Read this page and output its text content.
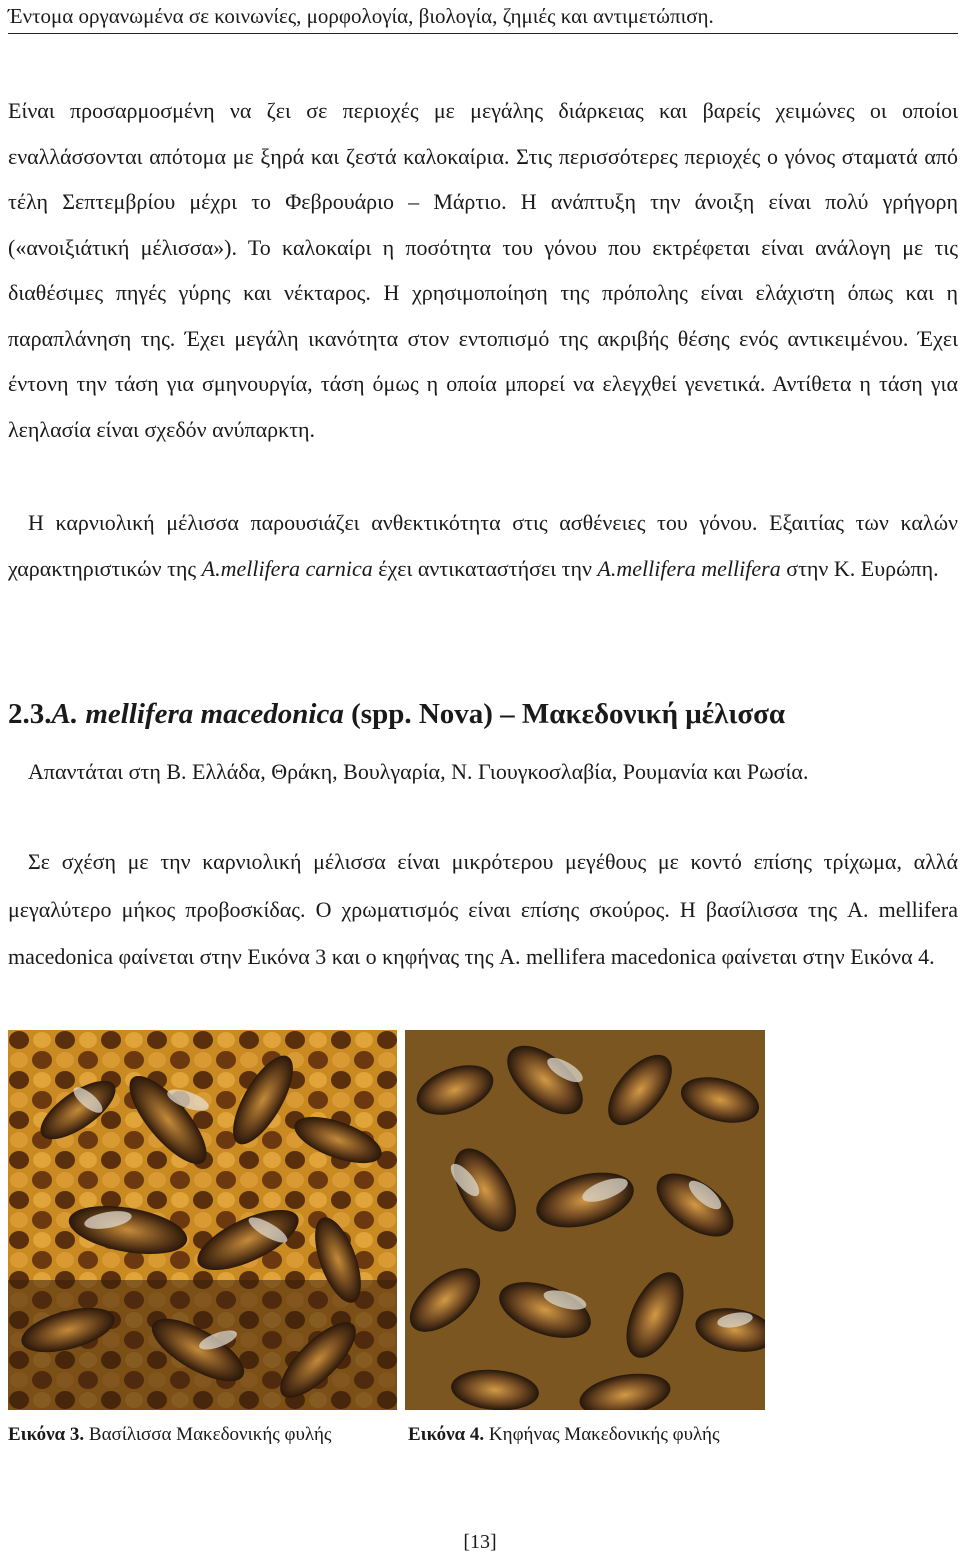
Έντομα οργανωμένα σε κοινωνίες, μορφολογία, βιολογία, ζημιές και αντιμετώπιση.
Είναι προσαρμοσμένη να ζει σε περιοχές με μεγάλης διάρκειας και βαρείς χειμώνες οι οποίοι εναλλάσσονται απότομα με ξηρά και ζεστά καλοκαίρια. Στις περισσότερες περιοχές ο γόνος σταματά από τέλη Σεπτεμβρίου μέχρι το Φεβρουάριο – Μάρτιο. Η ανάπτυξη την άνοιξη είναι πολύ γρήγορη («ανοιξιάτική μέλισσα»). Το καλοκαίρι η ποσότητα του γόνου που εκτρέφεται είναι ανάλογη με τις διαθέσιμες πηγές γύρης και νέκταρος. Η χρησιμοποίηση της πρόπολης είναι ελάχιστη όπως και η παραπλάνηση της. Έχει μεγάλη ικανότητα στον εντοπισμό της ακριβής θέσης ενός αντικειμένου. Έχει έντονη την τάση για σμηνουργία, τάση όμως η οποία μπορεί να ελεγχθεί γενετικά. Αντίθετα η τάση για λεηλασία είναι σχεδόν ανύπαρκτη.
Η καρνιολική μέλισσα παρουσιάζει ανθεκτικότητα στις ασθένειες του γόνου. Εξαιτίας των καλών χαρακτηριστικών της A.mellifera carnica έχει αντικαταστήσει την A.mellifera mellifera στην Κ. Ευρώπη.
2.3.A. mellifera macedonica (spp. Nova) – Μακεδονική μέλισσα
Απαντάται στη Β. Ελλάδα, Θράκη, Βουλγαρία, Ν. Γιουγκοσλαβία, Ρουμανία και Ρωσία.
Σε σχέση με την καρνιολική μέλισσα είναι μικρότερου μεγέθους με κοντό επίσης τρίχωμα, αλλά μεγαλύτερο μήκος προβοσκίδας. Ο χρωματισμός είναι επίσης σκούρος. Η βασίλισσα της A. mellifera macedonica φαίνεται στην Εικόνα 3 και ο κηφήνας της A. mellifera macedonica φαίνεται στην Εικόνα 4.
Εικόνα 3. Βασίλισσα Μακεδονικής φυλής	Εικόνα 4. Κηφήνας Μακεδονικής φυλής
[13]
